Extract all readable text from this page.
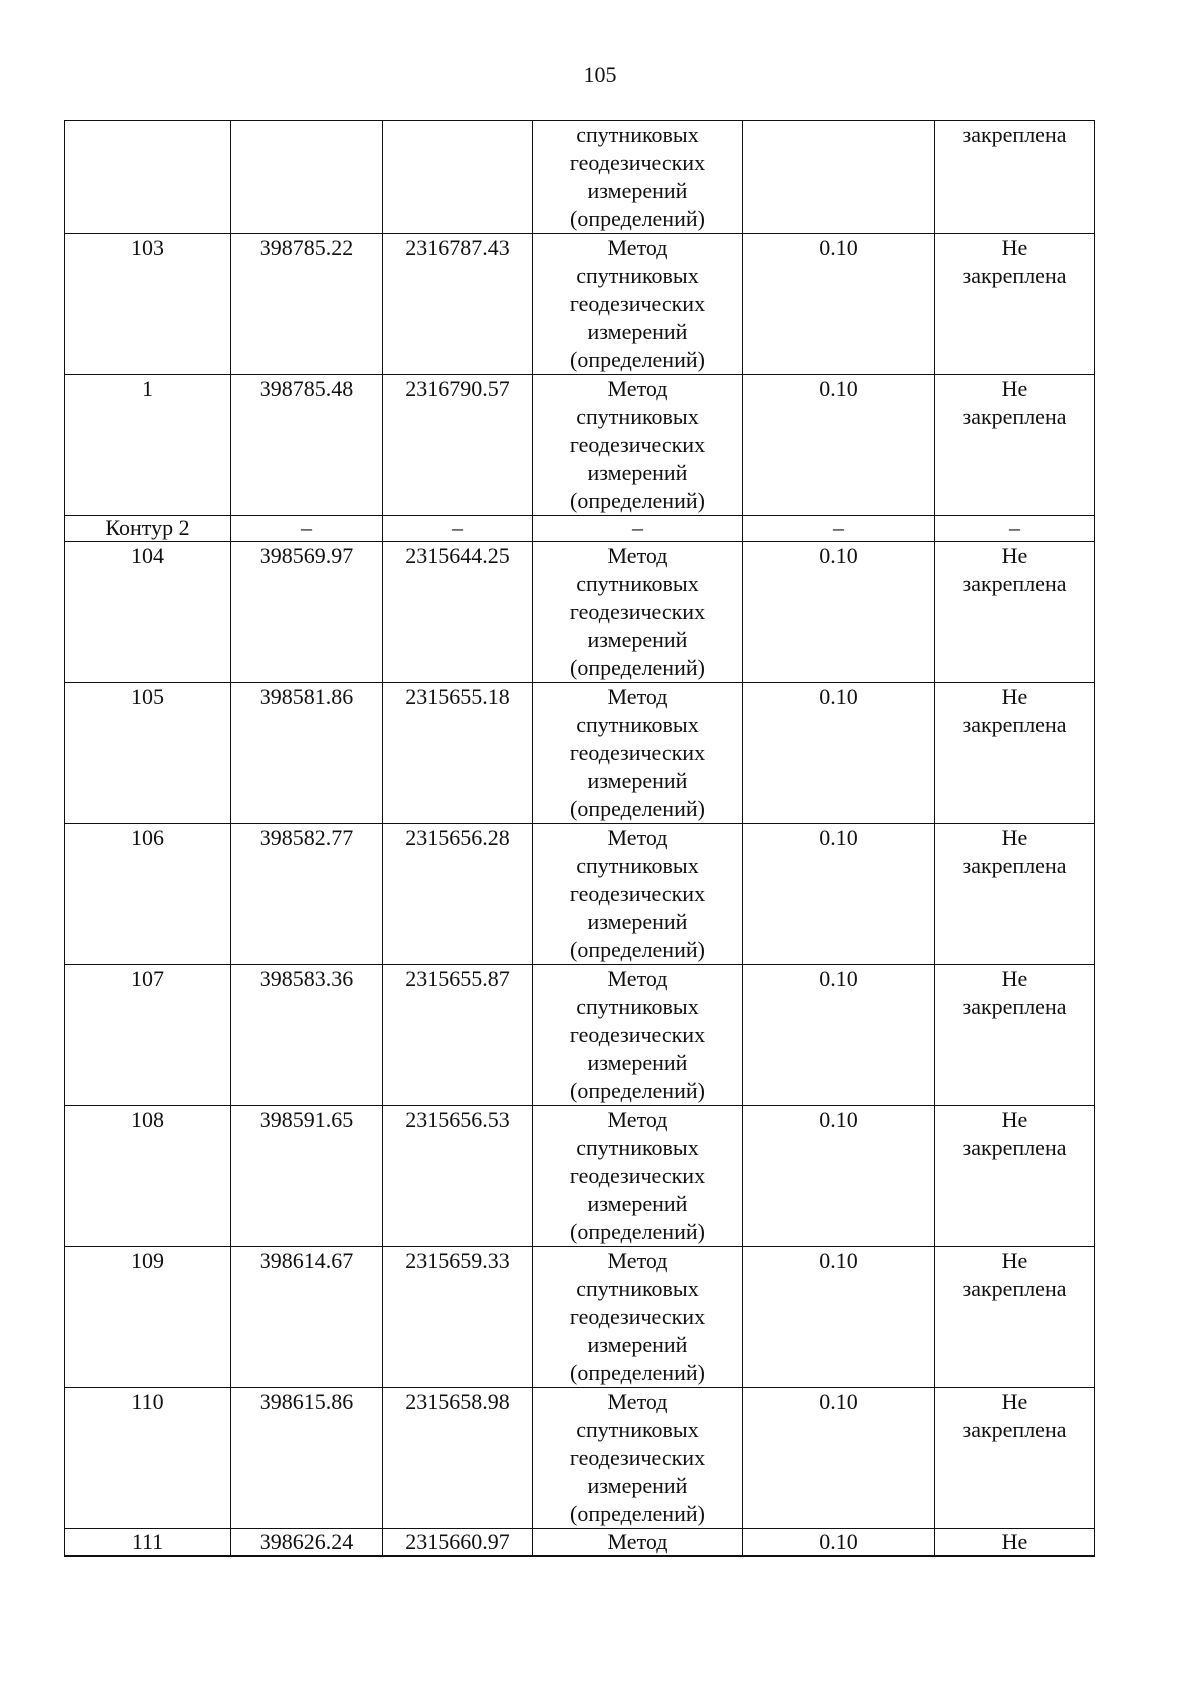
105

			спутниковых
геодезических
измерений
(определений)		закреплена

103	398785.22	2316787.43	Метод
спутниковых
геодезических
измерений
(определений)	0.10	Не
закреплена

1	398785.48	2316790.57	Метод
спутниковых
геодезических
измерений
(определений)	0.10	Не
закреплена

Контур 2	–	–	–	–	–

104	398569.97	2315644.25	Метод
спутниковых
геодезических
измерений
(определений)	0.10	Не
закреплена

105	398581.86	2315655.18	Метод
спутниковых
геодезических
измерений
(определений)	0.10	Не
закреплена

106	398582.77	2315656.28	Метод
спутниковых
геодезических
измерений
(определений)	0.10	Не
закреплена

107	398583.36	2315655.87	Метод
спутниковых
геодезических
измерений
(определений)	0.10	Не
закреплена

108	398591.65	2315656.53	Метод
спутниковых
геодезических
измерений
(определений)	0.10	Не
закреплена

109	398614.67	2315659.33	Метод
спутниковых
геодезических
измерений
(определений)	0.10	Не
закреплена

110	398615.86	2315658.98	Метод
спутниковых
геодезических
измерений
(определений)	0.10	Не
закреплена

111	398626.24	2315660.97	Метод	0.10	Не
